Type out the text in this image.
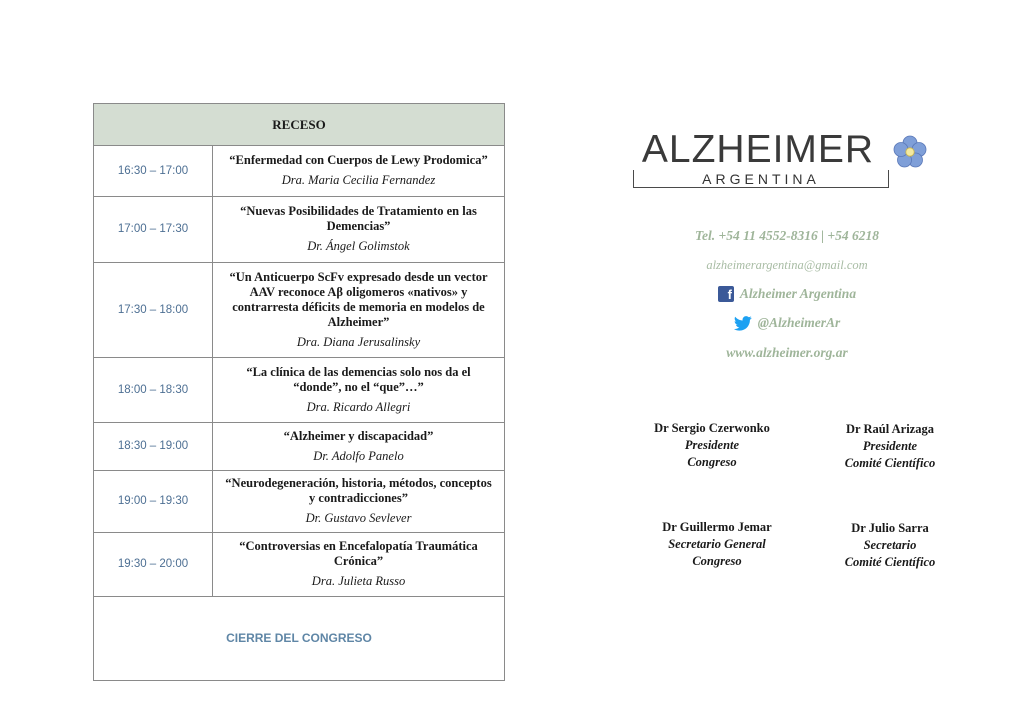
RECESO
16:30 – 17:00
“Enfermedad con Cuerpos de Lewy Prodomica”
Dra. Maria Cecilia Fernandez
17:00 – 17:30
“Nuevas Posibilidades de Tratamiento en las Demencias”
Dr. Ángel Golimstok
17:30 – 18:00
“Un Anticuerpo ScFv expresado desde un vector AAV reconoce Aβ oligomeros «nativos» y contrarresta déficits de memoria en modelos de Alzheimer”
Dra. Diana Jerusalinsky
18:00 – 18:30
“La clínica de las demencias solo nos da el “donde”, no el “que”…”
Dra. Ricardo Allegri
18:30 – 19:00
“Alzheimer y discapacidad”
Dr. Adolfo Panelo
19:00 – 19:30
“Neurodegeneración, historia, métodos, conceptos y contradicciones”
Dr. Gustavo Sevlever
19:30 – 20:00
“Controversias en Encefalopatía Traumática Crónica”
Dra. Julieta Russo
CIERRE DEL CONGRESO
ALZHEIMER
ARGENTINA
Tel. +54 11 4552-8316 | +54 6218
alzheimerargentina@gmail.com
f Alzheimer Argentina
@AlzheimerAr
www.alzheimer.org.ar
Dr Sergio Czerwonko
Presidente
Congreso
Dr Raúl Arizaga
Presidente
Comité Científico
Dr Guillermo Jemar
Secretario General
Congreso
Dr Julio Sarra
Secretario
Comité Científico
